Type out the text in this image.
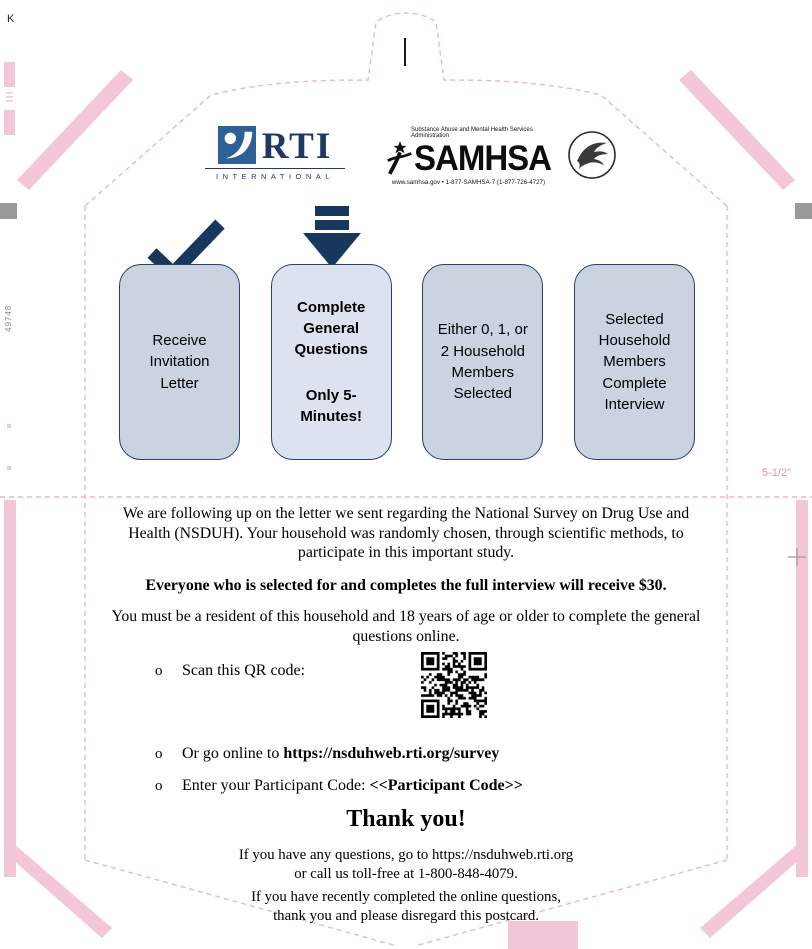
K
49748
5-1/2"
RTI
INTERNATIONAL
Substance Abuse and Mental Health Services Administration
SAMHSA
www.samhsa.gov • 1-877-SAMHSA-7 (1-877-726-4727)
Receive Invitation Letter
Complete General Questions
Only 5-Minutes!
Either 0, 1, or 2 Household Members Selected
Selected Household Members Complete Interview
We are following up on the letter we sent regarding the National Survey on Drug Use and Health (NSDUH). Your household was randomly chosen, through scientific methods, to participate in this important study.
Everyone who is selected for and completes the full interview will receive $30.
You must be a resident of this household and 18 years of age or older to complete the general questions online.
o Scan this QR code:
o Or go online to https://nsduhweb.rti.org/survey
o Enter your Participant Code: <<Participant Code>>
Thank you!
If you have any questions, go to https://nsduhweb.rti.org
or call us toll-free at 1-800-848-4079.
If you have recently completed the online questions,
thank you and please disregard this postcard.
